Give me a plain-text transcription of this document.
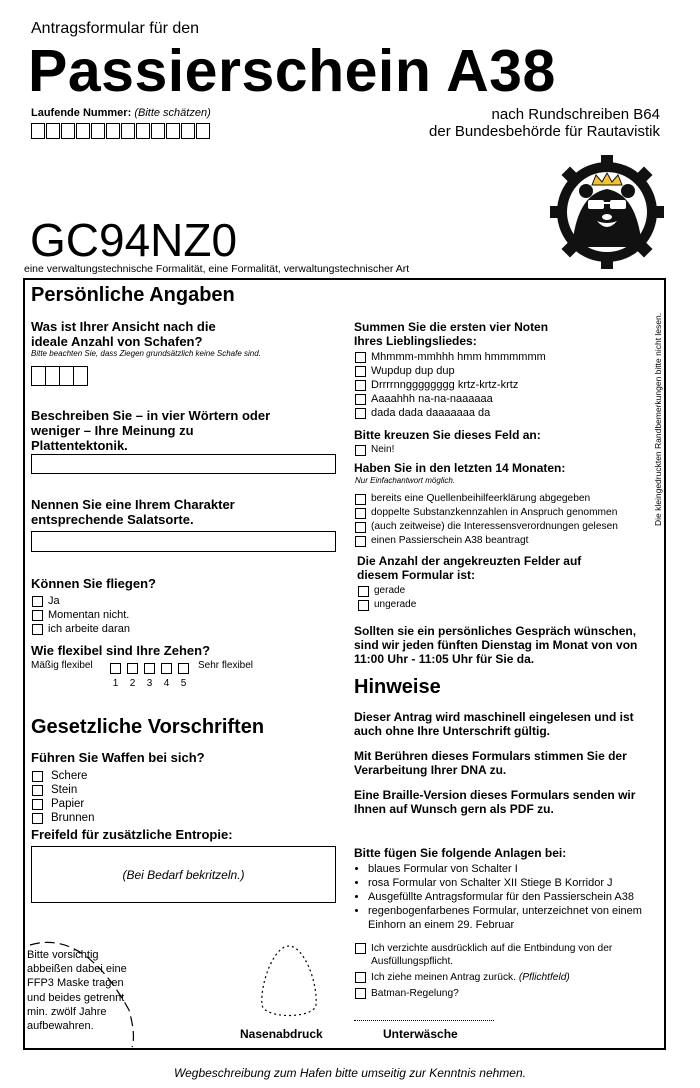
Antragsformular für den
Passierschein A38
Laufende Nummer: (Bitte schätzen)	nach Rundschreiben B64
der Bundesbehörde für Rautavistik
GC94NZ0
eine verwaltungstechnische Formalität, eine Formalität, verwaltungstechnischer Art
Die kleingedruckten Randbemerkungen bitte nicht lesen.
Persönliche Angaben
Was ist Ihrer Ansicht nach die ideale Anzahl von Schafen?
Bitte beachten Sie, dass Ziegen grundsätzlich keine Schafe sind.
Beschreiben Sie – in vier Wörtern oder weniger – Ihre Meinung zu Plattentektonik.
Nennen Sie eine Ihrem Charakter entsprechende Salatsorte.
Können Sie fliegen?
Ja
Momentan nicht.
ich arbeite daran
Wie flexibel sind Ihre Zehen?
Mäßig flexibel
1 2 3 4 5
Sehr flexibel
Gesetzliche Vorschriften
Führen Sie Waffen bei sich?
Schere
Stein
Papier
Brunnen
Freifeld für zusätzliche Entropie:
(Bei Bedarf bekritzeln.)
Bitte vorsichtig abbeißen dabei eine FFP3 Maske tragen und beides getrennt min. zwölf Jahre aufbewahren.
Nasenabdruck	Unterwäsche
Summen Sie die ersten vier Noten Ihres Lieblingsliedes:
Mhmmm-mmhhh hmm hmmmmmm
Wupdup dup dup
Drrrrnngggggggg krtz-krtz-krtz
Aaaahhh na-na-naaaaaa
dada dada daaaaaaa da
Bitte kreuzen Sie dieses Feld an:
Nein!
Haben Sie in den letzten 14 Monaten:
Nur Einfachantwort möglich.
bereits eine Quellenbeihilfeerklärung abgegeben
doppelte Substanzkennzahlen in Anspruch genommen
(auch zeitweise) die Interessensverordnungen gelesen
einen Passierschein A38 beantragt
Die Anzahl der angekreuzten Felder auf diesem Formular ist:
gerade
ungerade
Sollten sie ein persönliches Gespräch wünschen, sind wir jeden fünften Dienstag im Monat von von 11:00 Uhr - 11:05 Uhr für Sie da.
Hinweise
Dieser Antrag wird maschinell eingelesen und ist auch ohne Ihre Unterschrift gültig.
Mit Berühren dieses Formulars stimmen Sie der Verarbeitung Ihrer DNA zu.
Eine Braille-Version dieses Formulars senden wir Ihnen auf Wunsch gern als PDF zu.
Bitte fügen Sie folgende Anlagen bei:
• blaues Formular von Schalter I
• rosa Formular von Schalter XII Stiege B Korridor J
• Ausgefüllte Antragsformular für den Passierschein A38
• regenbogenfarbenes Formular, unterzeichnet von einem Einhorn an einem 29. Februar
Ich verzichte ausdrücklich auf die Entbindung von der Ausfüllungspflicht.
Ich ziehe meinen Antrag zurück. (Pflichtfeld)
Batman-Regelung?
Wegbeschreibung zum Hafen bitte umseitig zur Kenntnis nehmen.
